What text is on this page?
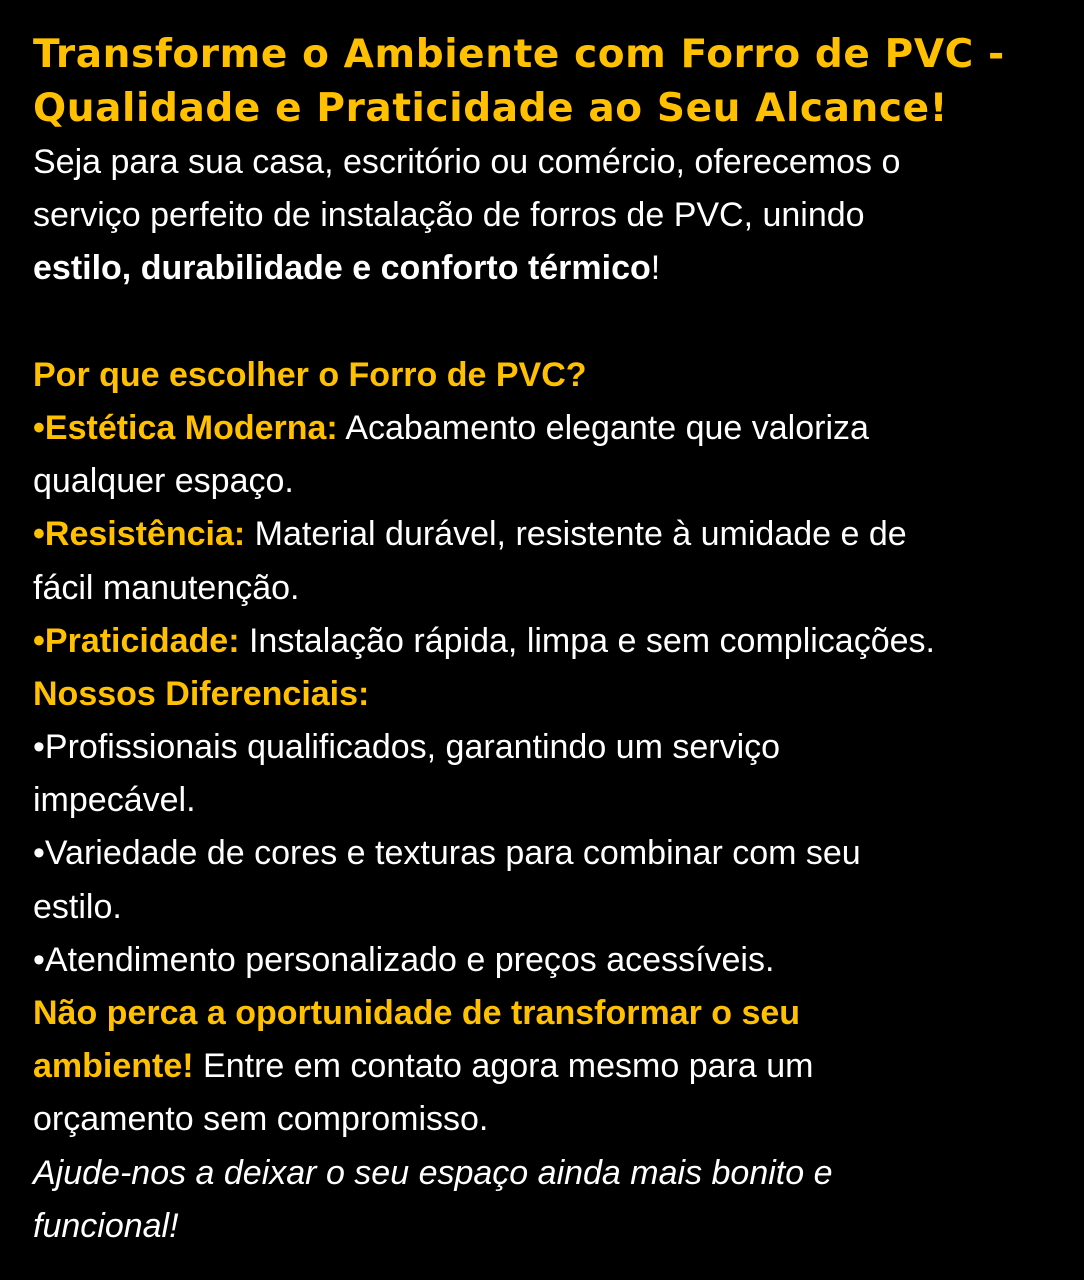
Transforme o Ambiente com Forro de PVC -
Qualidade e Praticidade ao Seu Alcance!
Seja para sua casa, escritório ou comércio, oferecemos o
serviço perfeito de instalação de forros de PVC, unindo
estilo, durabilidade e conforto térmico!
Por que escolher o Forro de PVC?
•Estética Moderna: Acabamento elegante que valoriza
qualquer espaço.
•Resistência: Material durável, resistente à umidade e de
fácil manutenção.
•Praticidade: Instalação rápida, limpa e sem complicações.
Nossos Diferenciais:
•Profissionais qualificados, garantindo um serviço
impecável.
•Variedade de cores e texturas para combinar com seu
estilo.
•Atendimento personalizado e preços acessíveis.
Não perca a oportunidade de transformar o seu
ambiente! Entre em contato agora mesmo para um
orçamento sem compromisso.
Ajude-nos a deixar o seu espaço ainda mais bonito e
funcional!
